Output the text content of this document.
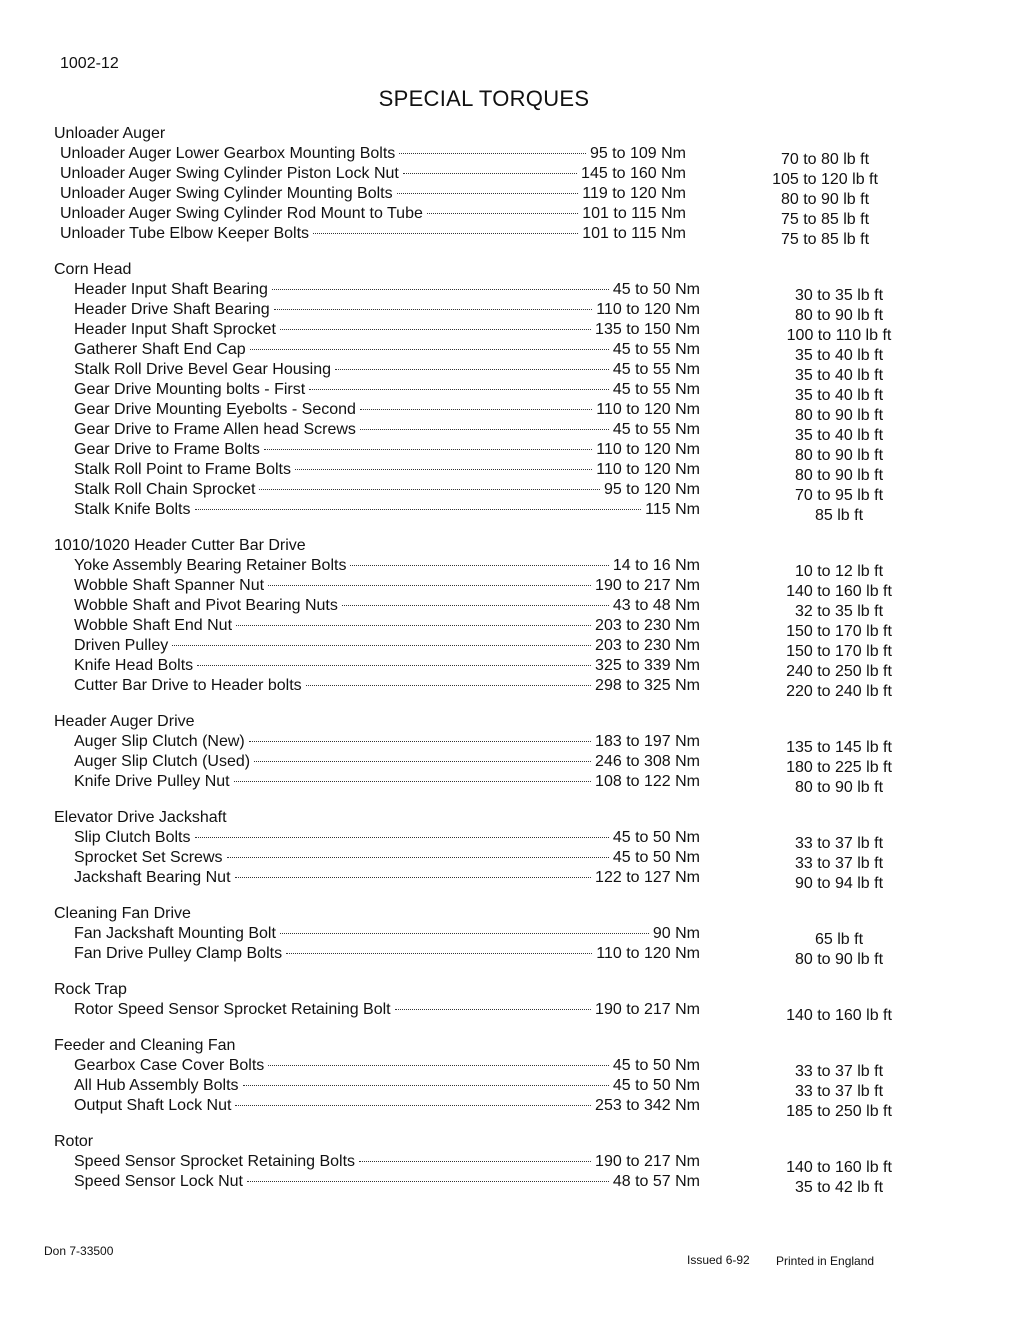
1002-12
SPECIAL TORQUES
Unloader Auger
Unloader Auger Lower Gearbox Mounting Bolts	95 to 109 Nm	70 to 80 lb ft
Unloader Auger Swing Cylinder Piston Lock Nut	145 to 160 Nm	105 to 120 lb ft
Unloader Auger Swing Cylinder Mounting Bolts	119 to 120 Nm	80 to 90 lb ft
Unloader Auger Swing Cylinder Rod Mount to Tube	101 to 115 Nm	75 to 85 lb ft
Unloader Tube Elbow Keeper Bolts	101 to 115 Nm	75 to 85 lb ft
Corn Head
Header Input Shaft Bearing	45 to 50 Nm	30 to 35 lb ft
Header Drive Shaft Bearing	110 to 120 Nm	80 to 90 lb ft
Header Input Shaft Sprocket	135 to 150 Nm	100 to 110 lb ft
Gatherer Shaft End Cap	45 to 55 Nm	35 to 40 lb ft
Stalk Roll Drive Bevel Gear Housing	45 to 55 Nm	35 to 40 lb ft
Gear Drive Mounting bolts - First	45 to 55 Nm	35 to 40 lb ft
Gear Drive Mounting Eyebolts - Second	110 to 120 Nm	80 to 90 lb ft
Gear Drive to Frame Allen head Screws	45 to 55 Nm	35 to 40 lb ft
Gear Drive to Frame Bolts	110 to 120 Nm	80 to 90 lb ft
Stalk Roll Point to Frame Bolts	110 to 120 Nm	80 to 90 lb ft
Stalk Roll Chain Sprocket	95 to 120 Nm	70 to 95 lb ft
Stalk Knife Bolts	115 Nm	85 lb ft
1010/1020 Header Cutter Bar Drive
Yoke Assembly Bearing Retainer Bolts	14 to 16 Nm	10 to 12 lb ft
Wobble Shaft Spanner Nut	190 to 217 Nm	140 to 160 lb ft
Wobble Shaft and Pivot Bearing Nuts	43 to 48 Nm	32 to 35 lb ft
Wobble Shaft End Nut	203 to 230 Nm	150 to 170 lb ft
Driven Pulley	203 to 230 Nm	150 to 170 lb ft
Knife Head Bolts	325 to 339 Nm	240 to 250 lb ft
Cutter Bar Drive to Header bolts	298 to 325 Nm	220 to 240 lb ft
Header Auger Drive
Auger Slip Clutch (New)	183 to 197 Nm	135 to 145 lb ft
Auger Slip Clutch (Used)	246 to 308 Nm	180 to 225 lb ft
Knife Drive Pulley Nut	108 to 122 Nm	80 to 90 lb ft
Elevator Drive Jackshaft
Slip Clutch Bolts	45 to 50 Nm	33 to 37 lb ft
Sprocket Set Screws	45 to 50 Nm	33 to 37 lb ft
Jackshaft Bearing Nut	122 to 127 Nm	90 to 94 lb ft
Cleaning Fan Drive
Fan Jackshaft Mounting Bolt	90 Nm	65 lb ft
Fan Drive Pulley Clamp Bolts	110 to 120 Nm	80 to 90 lb ft
Rock Trap
Rotor Speed Sensor Sprocket Retaining Bolt	190 to 217 Nm	140 to 160 lb ft
Feeder and Cleaning Fan
Gearbox Case Cover Bolts	45 to 50 Nm	33 to 37 lb ft
All Hub Assembly Bolts	45 to 50 Nm	33 to 37 lb ft
Output Shaft Lock Nut	253 to 342 Nm	185 to 250 lb ft
Rotor
Speed Sensor Sprocket Retaining Bolts	190 to 217 Nm	140 to 160 lb ft
Speed Sensor Lock Nut	48 to 57 Nm	35 to 42 lb ft
Don 7-33500
Issued 6-92 Printed in England
